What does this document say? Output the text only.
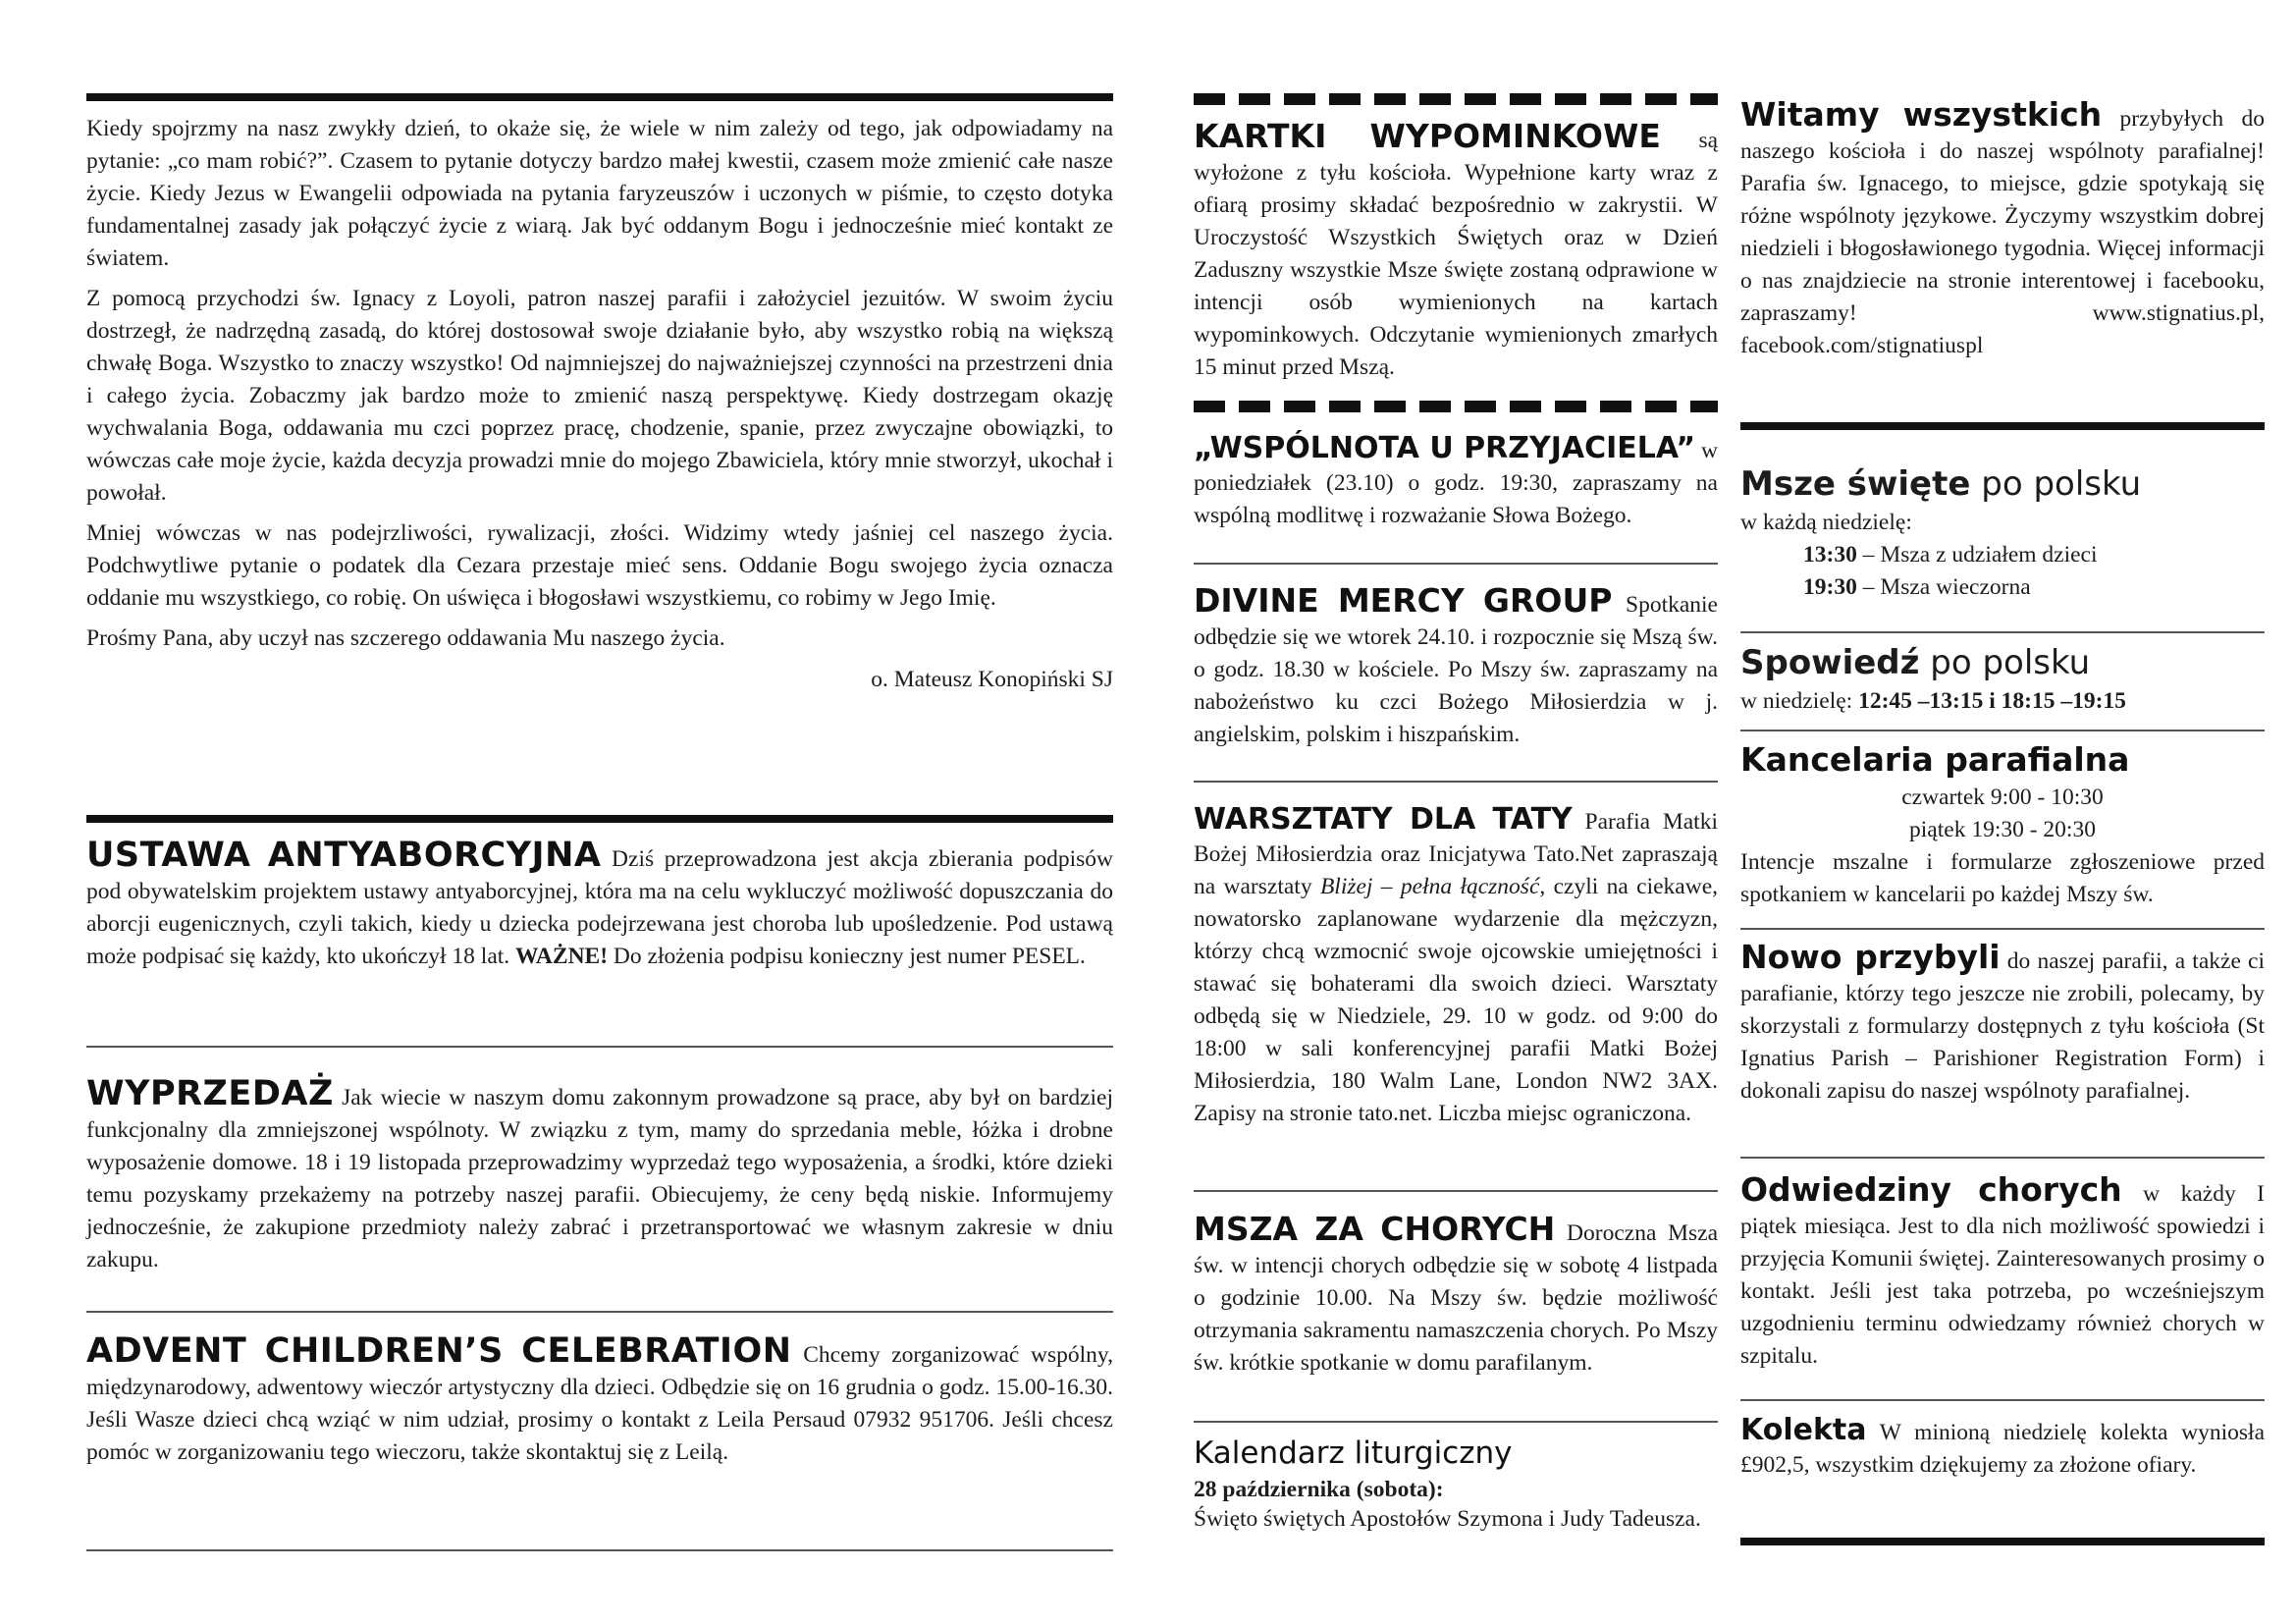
Kiedy spojrzmy na nasz zwykły dzień, to okaże się, że wiele w nim zależy od tego, jak odpowiadamy na pytanie: „co mam robić?”. Czasem to pytanie dotyczy bardzo małej kwestii, czasem może zmienić całe nasze życie. Kiedy Jezus w Ewangelii odpowiada na pytania faryzeuszów i uczonych w piśmie, to często dotyka fundamentalnej zasady jak połączyć życie z wiarą. Jak być oddanym Bogu i jednocześnie mieć kontakt ze światem.

Z pomocą przychodzi św. Ignacy z Loyoli, patron naszej parafii i założyciel jezuitów. W swoim życiu dostrzegł, że nadrzędną zasadą, do której dostosował swoje działanie było, aby wszystko robią na większą chwałę Boga. Wszystko to znaczy wszystko! Od najmniejszej do najważniejszej czynności na przestrzeni dnia i całego życia. Zobaczmy jak bardzo może to zmienić naszą perspektywę. Kiedy dostrzegam okazję wychwalania Boga, oddawania mu czci poprzez pracę, chodzenie, spanie, przez zwyczajne obowiązki, to wówczas całe moje życie, każda decyzja prowadzi mnie do mojego Zbawiciela, który mnie stworzył, ukochał i powołał.

Mniej wówczas w nas podejrzliwości, rywalizacji, złości. Widzimy wtedy jaśniej cel naszego życia. Podchwytliwe pytanie o podatek dla Cezara przestaje mieć sens. Oddanie Bogu swojego życia oznacza oddanie mu wszystkiego, co robię. On uświęca i błogosławi wszystkiemu, co robimy w Jego Imię.

Prośmy Pana, aby uczył nas szczerego oddawania Mu naszego życia.

o. Mateusz Konopiński SJ

USTAWA ANTYABORCYJNA Dziś przeprowadzona jest akcja zbierania podpisów pod obywatelskim projektem ustawy antyaborcyjnej, która ma na celu wykluczyć możliwość dopuszczania do aborcji eugenicznych, czyli takich, kiedy u dziecka podejrzewana jest choroba lub upośledzenie. Pod ustawą może podpisać się każdy, kto ukończył 18 lat. WAŻNE! Do złożenia podpisu konieczny jest numer PESEL.

WYPRZEDAŻ Jak wiecie w naszym domu zakonnym prowadzone są prace, aby był on bardziej funkcjonalny dla zmniejszonej wspólnoty. W związku z tym, mamy do sprzedania meble, łóżka i drobne wyposażenie domowe. 18 i 19 listopada przeprowadzimy wyprzedaż tego wyposażenia, a środki, które dzieki temu pozyskamy przekażemy na potrzeby naszej parafii. Obiecujemy, że ceny będą niskie. Informujemy jednocześnie, że zakupione przedmioty należy zabrać i przetransportować we własnym zakresie w dniu zakupu.

ADVENT CHILDREN’S CELEBRATION Chcemy zorganizować wspólny, międzynarodowy, adwentowy wieczór artystyczny dla dzieci. Odbędzie się on 16 grudnia o godz. 15.00-16.30. Jeśli Wasze dzieci chcą wziąć w nim udział, prosimy o kontakt z Leila Persaud 07932 951706. Jeśli chcesz pomóc w zorganizowaniu tego wieczoru, także skontaktuj się z Leilą.

KARTKI WYPOMINKOWE są wyłożone z tyłu kościoła. Wypełnione karty wraz z ofiarą prosimy składać bezpośrednio w zakrystii. W Uroczystość Wszystkich Świętych oraz w Dzień Zaduszny wszystkie Msze święte zostaną odprawione w intencji osób wymienionych na kartach wypominkowych. Odczytanie wymienionych zmarłych 15 minut przed Mszą.

„WSPÓLNOTA U PRZYJACIELA” w poniedziałek (23.10) o godz. 19:30, zapraszamy na wspólną modlitwę i rozważanie Słowa Bożego.

DIVINE MERCY GROUP Spotkanie odbędzie się we wtorek 24.10. i rozpocznie się Mszą św. o godz. 18.30 w kościele. Po Mszy św. zapraszamy na nabożeństwo ku czci Bożego Miłosierdzia w j. angielskim, polskim i hiszpańskim.

WARSZTATY DLA TATY Parafia Matki Bożej Miłosierdzia oraz Inicjatywa Tato.Net zapraszają na warsztaty Bliżej – pełna łączność, czyli na ciekawe, nowatorsko zaplanowane wydarzenie dla mężczyzn, którzy chcą wzmocnić swoje ojcowskie umiejętności i stawać się bohaterami dla swoich dzieci. Warsztaty odbędą się w Niedziele, 29. 10 w godz. od 9:00 do 18:00 w sali konferencyjnej parafii Matki Bożej Miłosierdzia, 180 Walm Lane, London NW2 3AX. Zapisy na stronie tato.net. Liczba miejsc ograniczona.

MSZA ZA CHORYCH Doroczna Msza św. w intencji chorych odbędzie się w sobotę 4 listpada o godzinie 10.00. Na Mszy św. będzie możliwość otrzymania sakramentu namaszczenia chorych. Po Mszy św. krótkie spotkanie w domu parafilanym.

Kalendarz liturgiczny
28 października (sobota):
Święto świętych Apostołów Szymona i Judy Tadeusza.

Witamy wszystkich przybyłych do naszego kościoła i do naszej wspólnoty parafialnej! Parafia św. Ignacego, to miejsce, gdzie spotykają się różne wspólnoty językowe. Życzymy wszystkim dobrej niedzieli i błogosławionego tygodnia. Więcej informacji o nas znajdziecie na stronie interentowej i facebooku, zapraszamy! www.stignatius.pl, facebook.com/stignatiuspl

Msze święte po polsku
w każdą niedzielę:
13:30 – Msza z udziałem dzieci
19:30 – Msza wieczorna
Spowiedź po polsku
w niedzielę: 12:45 –13:15 i 18:15 –19:15
Kancelaria parafialna
czwartek 9:00 - 10:30
piątek 19:30 - 20:30

Intencje mszalne i formularze zgłoszeniowe przed spotkaniem w kancelarii po każdej Mszy św.

Nowo przybyli do naszej parafii, a także ci parafianie, którzy tego jeszcze nie zrobili, polecamy, by skorzystali z formularzy dostępnych z tyłu kościoła (St Ignatius Parish – Parishioner Registration Form) i dokonali zapisu do naszej wspólnoty parafialnej.

Odwiedziny chorych w każdy I piątek miesiąca. Jest to dla nich możliwość spowiedzi i przyjęcia Komunii świętej. Zainteresowanych prosimy o kontakt. Jeśli jest taka potrzeba, po wcześniejszym uzgodnieniu terminu odwiedzamy również chorych w szpitalu.

Kolekta W minioną niedzielę kolekta wyniosła £902,5, wszystkim dziękujemy za złożone ofiary.
